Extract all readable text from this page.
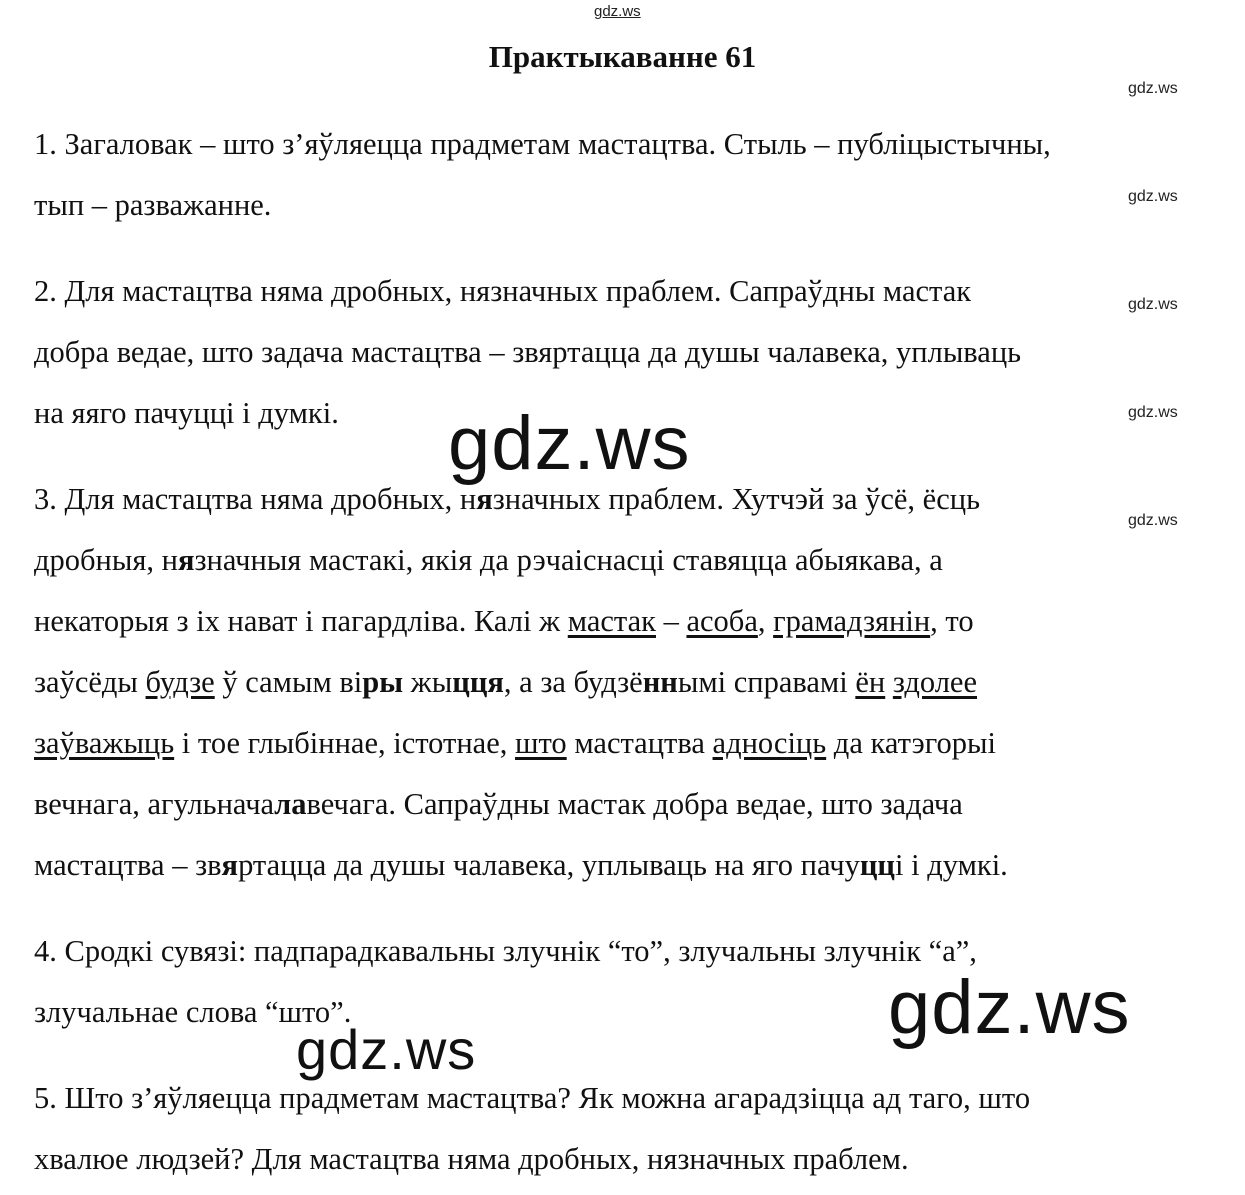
gdz.ws
Практыкаванне 61
gdz.ws
gdz.ws
gdz.ws
gdz.ws
gdz.ws
1. Загаловак – што з’яўляецца прадметам мастацтва. Стыль – публіцыстычны,
тып – разважанне.
2. Для мастацтва няма дробных, нязначных праблем. Сапраўдны мастак
добра ведае, што задача мастацтва – звяртацца да душы чалавека, уплываць
на яяго пачуцці і думкі.
3. Для мастацтва няма дробных, нязначных праблем. Хутчэй за ўсё, ёсць
дробныя, нязначныя мастакі, якія да рэчаіснасці ставяцца абыякава, а
некаторыя з іх нават і пагардліва. Калі ж мастак – асоба, грамадзянін, то
заўсёды будзе ў самым віры жыцця, а за будзённымі справамі ён здолее
заўважыць і тое глыбіннае, істотнае, што мастацтва адносіць да катэгорыі
вечнага, агульначалавечага. Сапраўдны мастак добра ведае, што задача
мастацтва – звяртацца да душы чалавека, уплываць на яго пачуцці і думкі.
4. Сродкі сувязі: падпарадкавальны злучнік “то”, злучальны злучнік “а”,
злучальнае слова “што”.
5. Што з’яўляецца прадметам мастацтва? Як можна агарадзіцца ад таго, што
хвалюе людзей? Для мастацтва няма дробных, нязначных праблем.
gdz.ws
gdz.ws
gdz.ws
